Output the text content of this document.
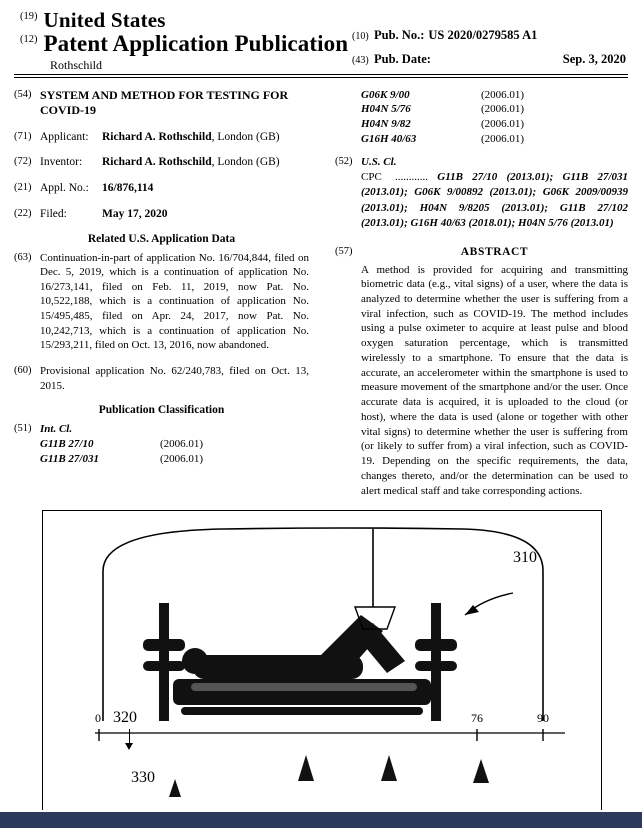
(19) United States
(12) Patent Application Publication
Rothschild
(10) Pub. No.: US 2020/0279585 A1
(43) Pub. Date:	Sep. 3, 2020
(54) SYSTEM AND METHOD FOR TESTING FOR COVID-19
(71) Applicant: Richard A. Rothschild, London (GB)
(72) Inventor: Richard A. Rothschild, London (GB)
(21) Appl. No.: 16/876,114
(22) Filed:	May 17, 2020
Related U.S. Application Data
(63) Continuation-in-part of application No. 16/704,844, filed on Dec. 5, 2019, which is a continuation of application No. 16/273,141, filed on Feb. 11, 2019, now Pat. No. 10,522,188, which is a continuation of application No. 15/495,485, filed on Apr. 24, 2017, now Pat. No. 10,242,713, which is a continuation of application No. 15/293,211, filed on Oct. 13, 2016, now abandoned.
(60) Provisional application No. 62/240,783, filed on Oct. 13, 2015.
Publication Classification
(51) Int. Cl.
G11B 27/10	(2006.01)
G11B 27/031	(2006.01)
G06K 9/00	(2006.01)
H04N 5/76	(2006.01)
H04N 9/82	(2006.01)
G16H 40/63	(2006.01)
(52) U.S. Cl.
CPC ............ G11B 27/10 (2013.01); G11B 27/031 (2013.01); G06K 9/00892 (2013.01); G06K 2009/00939 (2013.01); H04N 9/8205 (2013.01); G11B 27/102 (2013.01); G16H 40/63 (2018.01); H04N 5/76 (2013.01)
(57)	ABSTRACT
A method is provided for acquiring and transmitting biometric data (e.g., vital signs) of a user, where the data is analyzed to determine whether the user is suffering from a viral infection, such as COVID-19. The method includes using a pulse oximeter to acquire at least pulse and blood oxygen saturation percentage, which is transmitted wirelessly to a smartphone. To ensure that the data is accurate, an accelerometer within the smartphone is used to measure movement of the smartphone and/or the user. Once accurate data is acquired, it is uploaded to the cloud (or host), where the data is used (alone or together with other vital signs) to determine whether the user is suffering from (or likely to suffer from) a viral infection, such as COVID-19. Depending on the specific requirements, the data, changes thereto, and/or the determination can be used to alert medical staff and take corresponding actions.
310
320
330
0	76	90
